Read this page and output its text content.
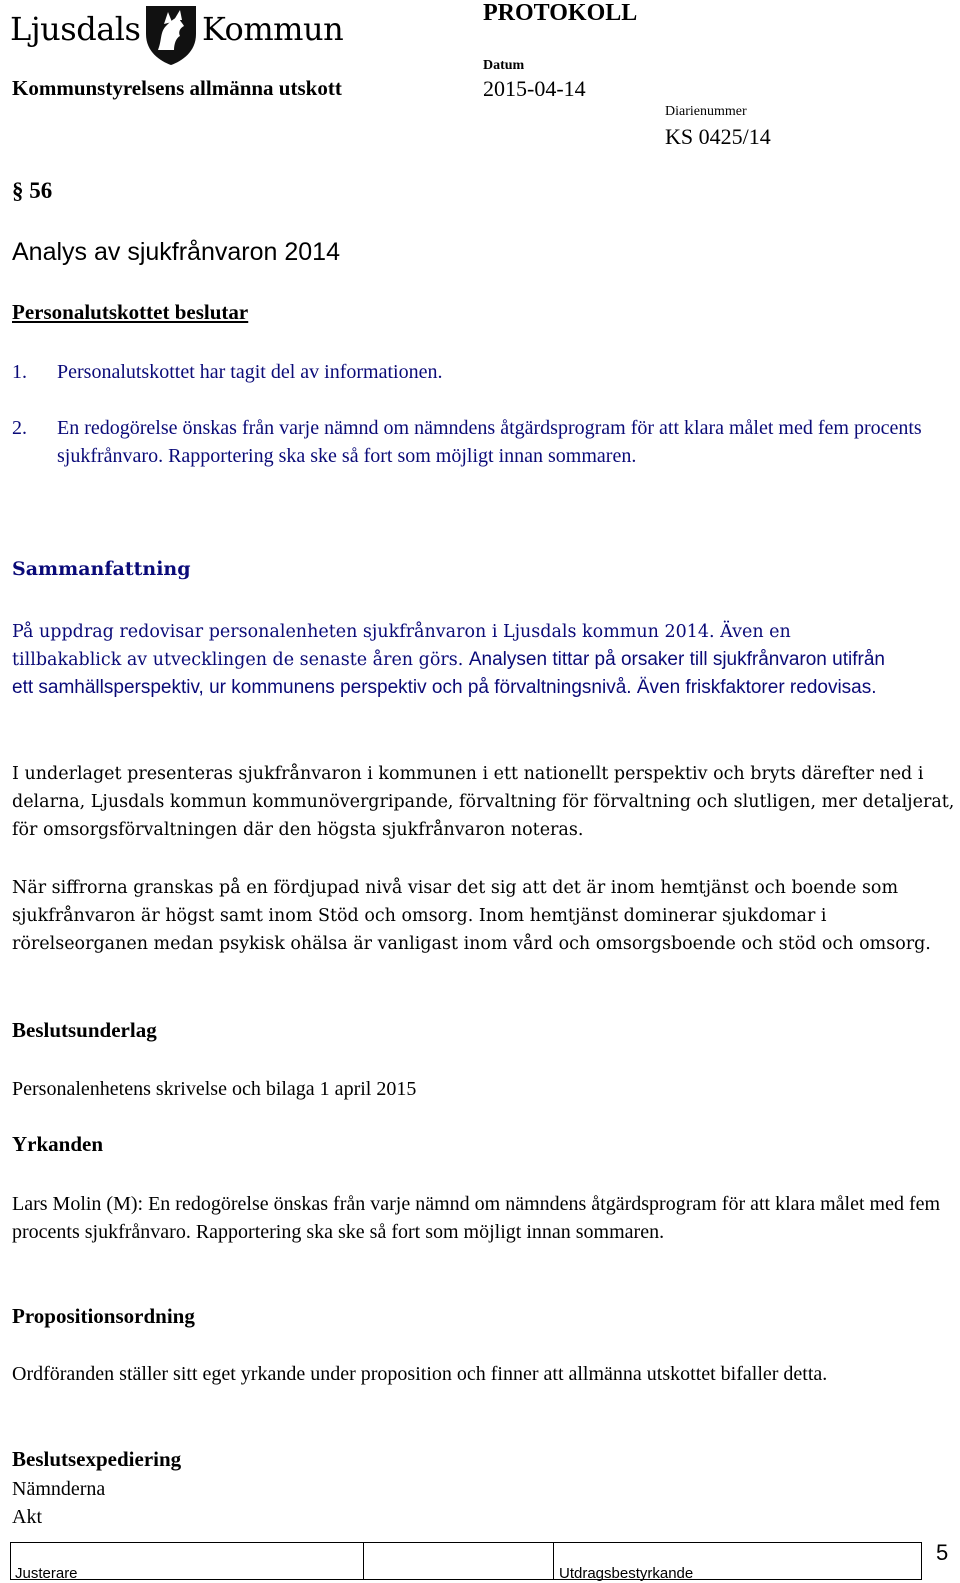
Ljusdals Kommun	PROTOKOLL
Kommunstyrelsens allmänna utskott
Datum
2015-04-14
Diarienummer
KS 0425/14
§ 56
Analys av sjukfrånvaron 2014
Personalutskottet beslutar
1. Personalutskottet har tagit del av informationen.
2. En redogörelse önskas från varje nämnd om nämndens åtgärdsprogram för att klara målet med fem procents sjukfrånvaro. Rapportering ska ske så fort som möjligt innan sommaren.
Sammanfattning
På uppdrag redovisar personalenheten sjukfrånvaron i Ljusdals kommun 2014. Även en tillbakablick av utvecklingen de senaste åren görs. Analysen tittar på orsaker till sjukfrånvaron utifrån ett samhällsperspektiv, ur kommunens perspektiv och på förvaltningsnivå. Även friskfaktorer redovisas.
I underlaget presenteras sjukfrånvaron i kommunen i ett nationellt perspektiv och bryts därefter ned i delarna, Ljusdals kommun kommunövergripande, förvaltning för förvaltning och slutligen, mer detaljerat, för omsorgsförvaltningen där den högsta sjukfrånvaron noteras.
När siffrorna granskas på en fördjupad nivå visar det sig att det är inom hemtjänst och boende som sjukfrånvaron är högst samt inom Stöd och omsorg. Inom hemtjänst dominerar sjukdomar i rörelseorganen medan psykisk ohälsa är vanligast inom vård och omsorgsboende och stöd och omsorg.
Beslutsunderlag
Personalenhetens skrivelse och bilaga 1 april 2015
Yrkanden
Lars Molin (M): En redogörelse önskas från varje nämnd om nämndens åtgärdsprogram för att klara målet med fem procents sjukfrånvaro. Rapportering ska ske så fort som möjligt innan sommaren.
Propositionsordning
Ordföranden ställer sitt eget yrkande under proposition och finner att allmänna utskottet bifaller detta.
Beslutsexpediering
Nämnderna
Akt
Justerare	Utdragsbestyrkande
5
